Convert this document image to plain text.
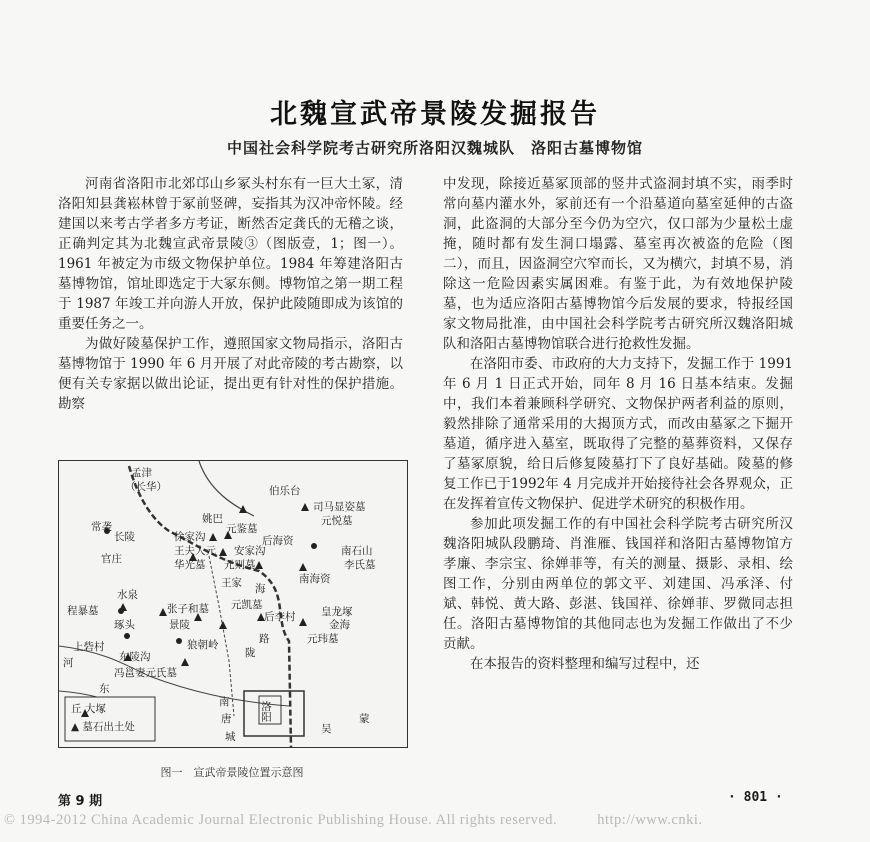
北魏宣武帝景陵发掘报告
中国社会科学院考古研究所洛阳汉魏城队　洛阳古墓博物馆

河南省洛阳市北郊邙山乡冢头村东有一巨大土冢，清洛阳知县龚崧林曾于冢前竖碑，妄指其为汉冲帝怀陵。经建国以来考古学者多方考证，断然否定龚氏的无稽之谈，正确判定其为北魏宣武帝景陵③（图版壹，1；图一）。1961 年被定为市级文物保护单位。1984 年筹建洛阳古墓博物馆，馆址即选定于大冢东侧。博物馆之第一期工程于 1987 年竣工并向游人开放，保护此陵随即成为该馆的重要任务之一。

为做好陵墓保护工作，遵照国家文物局指示，洛阳古墓博物馆于 1990 年 6 月开展了对此帝陵的考古勘察，以便有关专家据以做出论证，提出更有针对性的保护措施。勘察

中发现，除接近墓冢顶部的竖井式盗洞封填不实，雨季时常向墓内灌水外，冢前还有一个沿墓道向墓室延伸的古盗洞，此盗洞的大部分至今仍为空穴，仅口部为少量松土虚掩，随时都有发生洞口塌露、墓室再次被盗的危险（图二），而且，因盗洞空穴窄而长，又为横穴，封填不易，消除这一危险因素实属困难。有鉴于此，为有效地保护陵墓，也为适应洛阳古墓博物馆今后发展的要求，特报经国家文物局批准，由中国社会科学院考古研究所汉魏洛阳城队和洛阳古墓博物馆联合进行抢救性发掘。

在洛阳市委、市政府的大力支持下，发掘工作于 1991 年 6 月 1 日正式开始，同年 8 月 16 日基本结束。发掘中，我们本着兼顾科学研究、文物保护两者利益的原则，毅然排除了通常采用的大揭顶方式，而改由墓冢之下掘开墓道，循序进入墓室，既取得了完整的墓葬资料，又保存了墓冢原貌，给日后修复陵墓打下了良好基础。陵墓的修复工作已于1992年 4 月完成并开始接待社会各界观众，正在发挥着宣传文物保护、促进学术研究的积极作用。

参加此项发掘工作的有中国社会科学院考古研究所汉魏洛阳城队段鹏琦、肖淮雁、钱国祥和洛阳古墓博物馆方孝廉、李宗宝、徐婵菲等，有关的测量、摄影、录相、绘图工作，分别由两单位的郭文平、刘建国、冯承泽、付斌、韩悦、黄大路、彭湛、钱国祥、徐婵菲、罗微同志担任。洛阳古墓博物馆的其他同志也为发掘工作做出了不少贡献。

在本报告的资料整理和编写过程中，还

孟津
（长华）	伯乐台
司马显姿墓
元悦墓
常袭
姚巴
元鉴墓
长陵	徐家沟	后海资
官庄
王夫人元 安家沟	南石山
华光墓 元则墓	李氏墓
南海资
王家
水泉
元凯墓
后李村 皇龙塚
张子和墓
金海
程暴墓
琢头	景陵
元玮墓
上砦村	狼朝岭
东陵沟
冯邕妻元氏墓
洛阳
南
唐
城
路
陇
海
东
河
蒙
吴
丘 大塚
▲ 墓石出土处
图一　宣武帝景陵位置示意图
第 9 期	· 801 ·
© 1994-2012 China Academic Journal Electronic Publishing House. All rights reserved.	http://www.cnki.
